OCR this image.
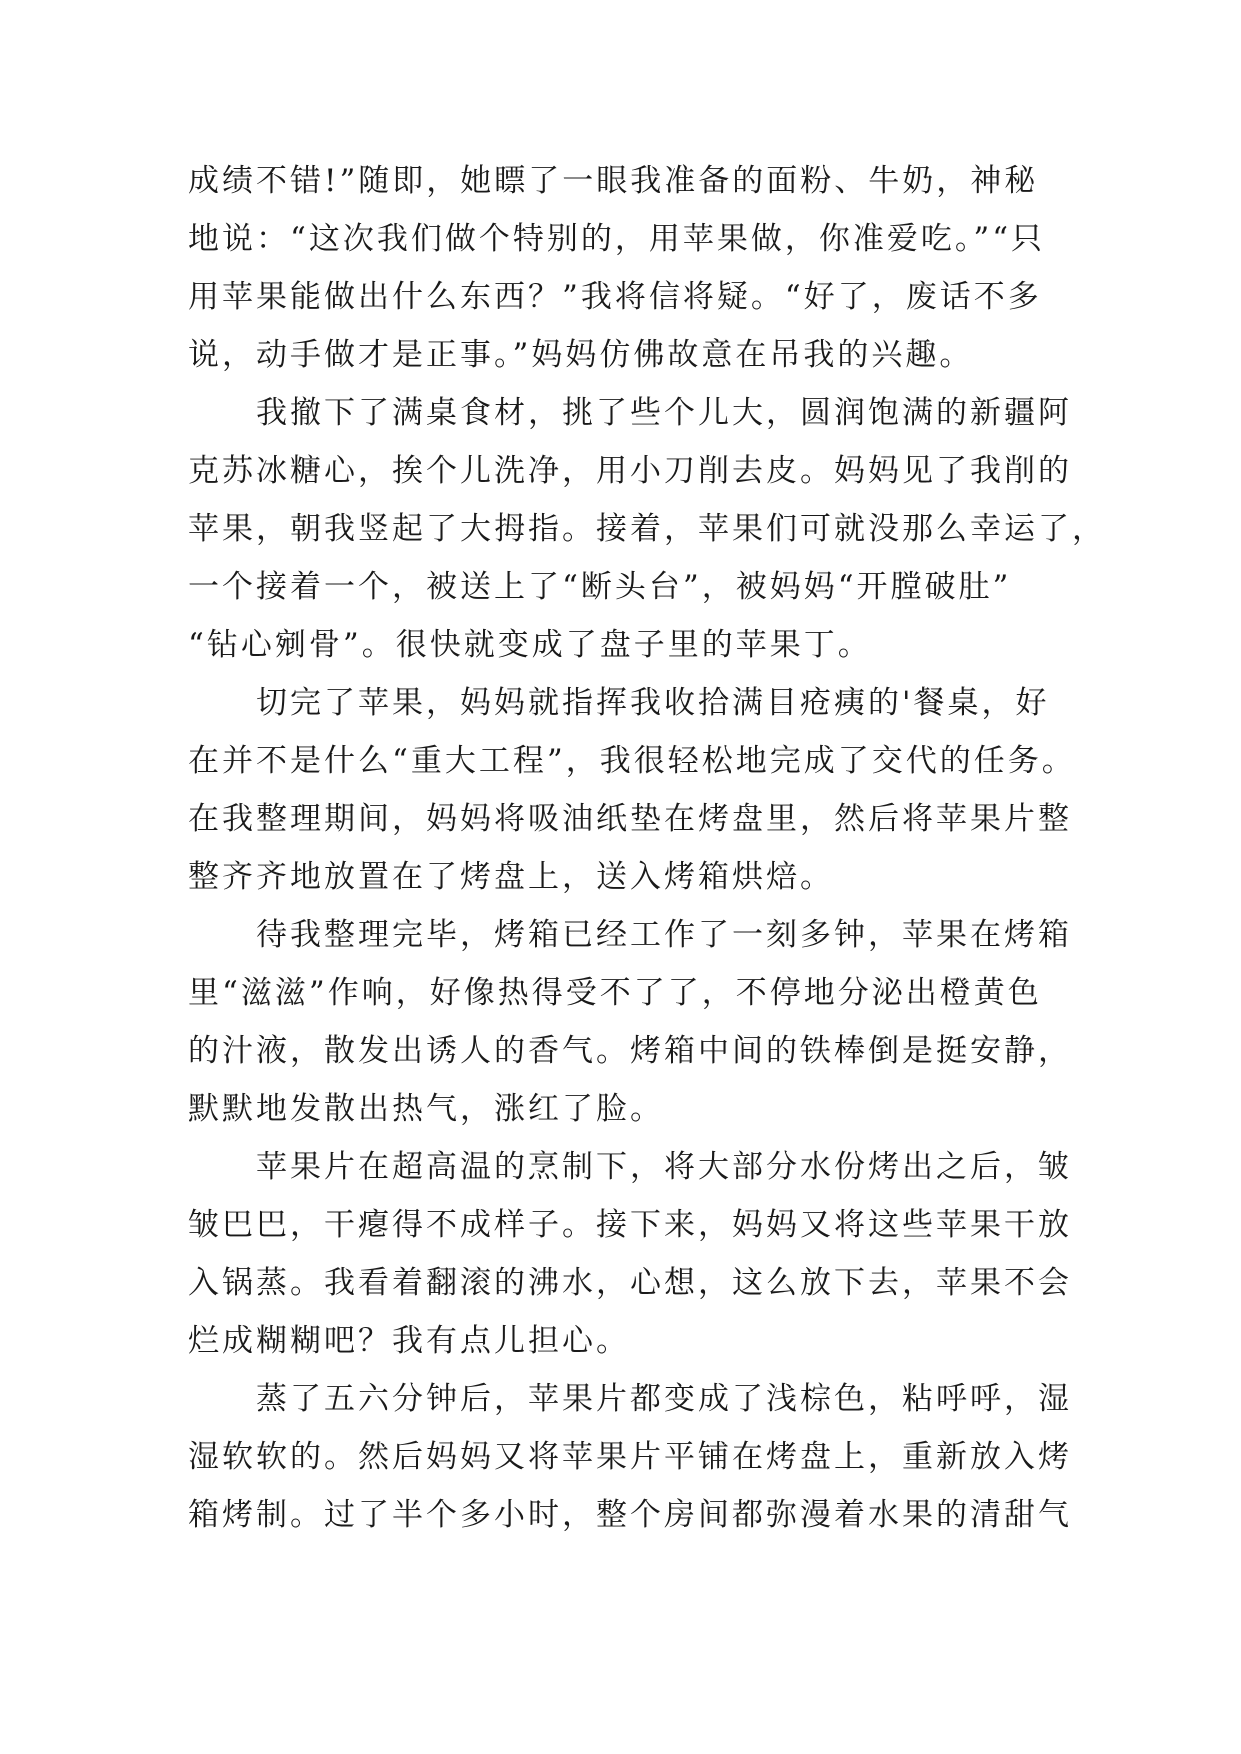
成绩不错!”随即，她瞟了一眼我准备的面粉、牛奶，神秘
地说：“这次我们做个特别的，用苹果做，你准爱吃。”“只
用苹果能做出什么东西？”我将信将疑。“好了，废话不多
说，动手做才是正事。”妈妈仿佛故意在吊我的兴趣。
我撤下了满桌食材，挑了些个儿大，圆润饱满的新疆阿
克苏冰糖心，挨个儿洗净，用小刀削去皮。妈妈见了我削的
苹果，朝我竖起了大拇指。接着，苹果们可就没那么幸运了，
一个接着一个，被送上了“断头台”，被妈妈“开膛破肚”
“钻心剜骨”。很快就变成了盘子里的苹果丁。
切完了苹果，妈妈就指挥我收拾满目疮痍的'餐桌，好
在并不是什么“重大工程”，我很轻松地完成了交代的任务。
在我整理期间，妈妈将吸油纸垫在烤盘里，然后将苹果片整
整齐齐地放置在了烤盘上，送入烤箱烘焙。
待我整理完毕，烤箱已经工作了一刻多钟，苹果在烤箱
里“滋滋”作响，好像热得受不了了，不停地分泌出橙黄色
的汁液，散发出诱人的香气。烤箱中间的铁棒倒是挺安静，
默默地发散出热气，涨红了脸。
苹果片在超高温的烹制下，将大部分水份烤出之后，皱
皱巴巴，干瘪得不成样子。接下来，妈妈又将这些苹果干放
入锅蒸。我看着翻滚的沸水，心想，这么放下去，苹果不会
烂成糊糊吧？我有点儿担心。
蒸了五六分钟后，苹果片都变成了浅棕色，粘呼呼，湿
湿软软的。然后妈妈又将苹果片平铺在烤盘上，重新放入烤
箱烤制。过了半个多小时，整个房间都弥漫着水果的清甜气
